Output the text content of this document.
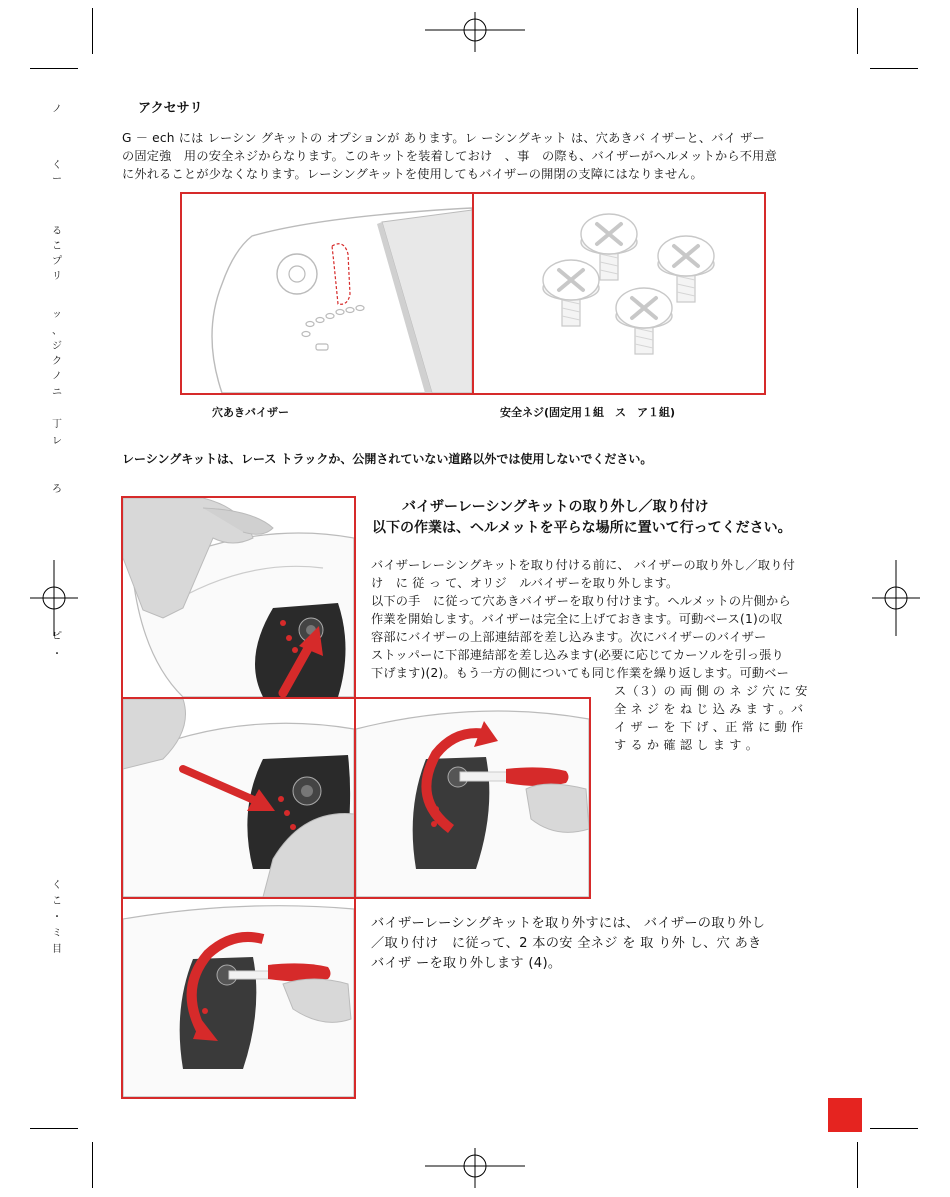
ノ
く
ー
る
こ
プ
リ
ッ
、
ジ
ク
ノ
ニ
丁
レ
ろ
ピ
・
く
こ
・
ミ
目
アクセサリ
G － ech には レーシン グキットの オプションが あります。レ ーシングキット は、穴あきバ イザーと、バイ ザー
の固定強　用の安全ネジからなります。このキットを装着しておけ　、事　の際も、バイザーがヘルメットから不用意
に外れることが少なくなります。レーシングキットを使用してもバイザーの開閉の支障にはなりません。
穴あきバイザー	安全ネジ(固定用１組　ス　ア１組)
レーシングキットは、レース トラックか、公開されていない道路以外では使用しないでください。
バイザーレーシングキットの取り外し／取り付け
以下の作業は、ヘルメットを平らな場所に置いて行ってください。
バイザーレーシングキットを取り付ける前に、 バイザーの取り外し／取り付
け　に 従 っ て、オリジ　ルバイザーを取り外します。
以下の手　に従って穴あきバイザーを取り付けます。ヘルメットの片側から
作業を開始します。バイザーは完全に上げておきます。可動ベース(1)の収
容部にバイザーの上部連結部を差し込みます。次にバイザーのバイザー
ストッパーに下部連結部を差し込みます(必要に応じてカーソルを引っ張り
下げます)(2)。もう一方の側についても同じ作業を繰り返します。可動ベー
ス（３）の 両 側 の ネ ジ 穴 に 安
全 ネ ジ を ね じ 込 み ま す 。バ
イ ザ ー を 下 げ 、正 常 に 動 作
す る か 確 認 し ま す 。
バイザーレーシングキットを取り外すには、 バイザーの取り外し
／取り付け　に従って、2 本の安 全ネジ を 取 り外 し、穴 あき
バイザ ーを取り外します (4)。
